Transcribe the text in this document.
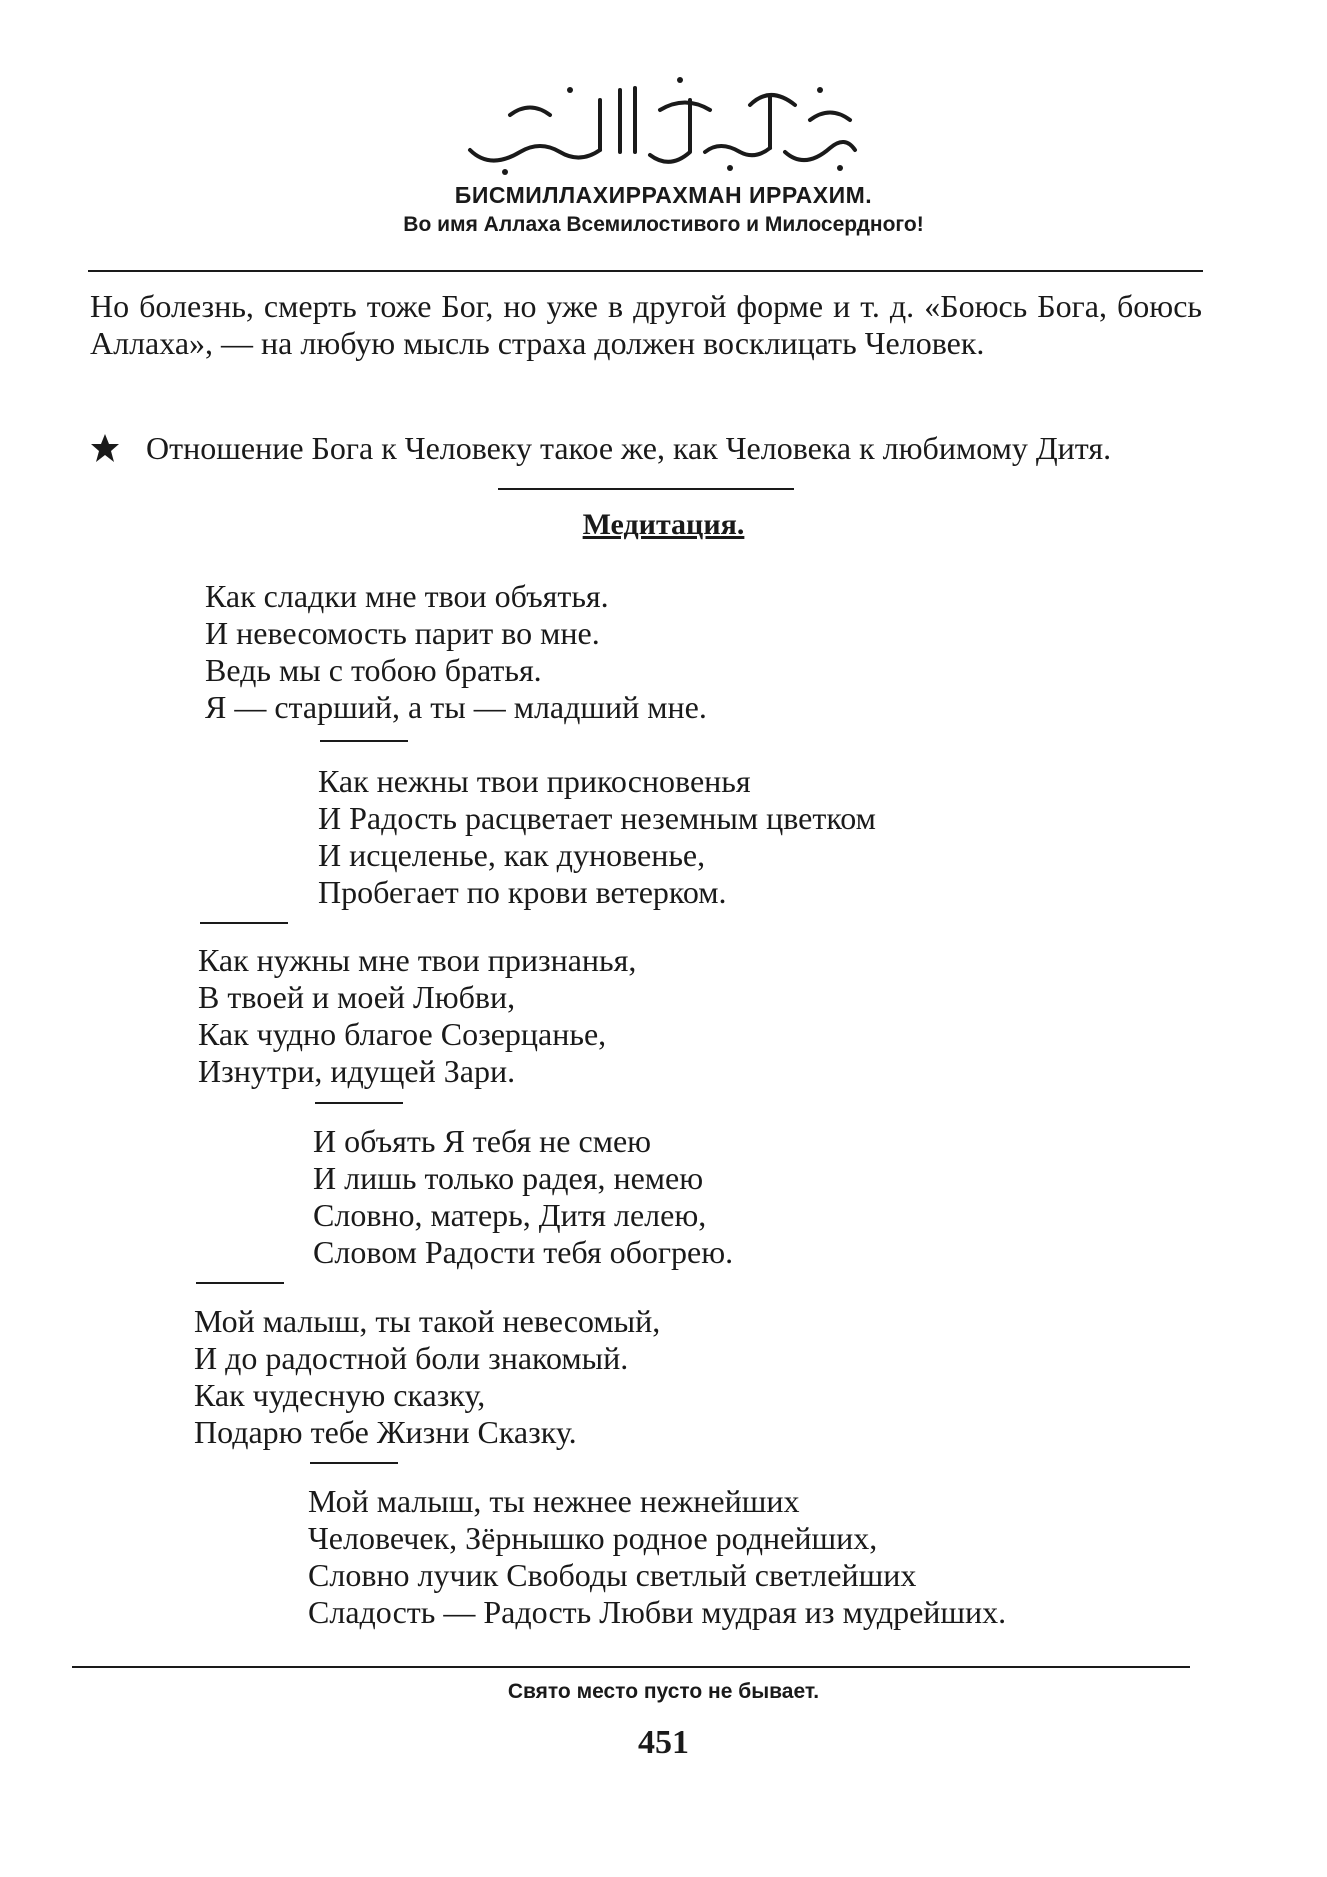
БИСМИЛЛАХИРРАХМАН ИРРАХИМ.
Во имя Аллаха Всемилостивого и Милосердного!
Но болезнь, смерть тоже Бог, но уже в другой форме и т. д. «Боюсь Бога, боюсь Аллаха», — на любую мысль страха должен восклицать Человек.
Отношение Бога к Человеку такое же, как Человека к любимому Дитя.
Медитация.
Как сладки мне твои объятья.
И невесомость парит во мне.
Ведь мы с тобою братья.
Я — старший, а ты — младший мне.
Как нежны твои прикосновенья
И Радость расцветает неземным цветком
И исцеленье, как дуновенье,
Пробегает по крови ветерком.
Как нужны мне твои признанья,
В твоей и моей Любви,
Как чудно благое Созерцанье,
Изнутри, идущей Зари.
И объять Я тебя не смею
И лишь только радея, немею
Словно, матерь, Дитя лелею,
Словом Радости тебя обогрею.
Мой малыш, ты такой невесомый,
И до радостной боли знакомый.
Как чудесную сказку,
Подарю тебе Жизни Сказку.
Мой малыш, ты нежнее нежнейших
Человечек, Зёрнышко родное роднейших,
Словно лучик Свободы светлый светлейших
Сладость — Радость Любви мудрая из мудрейших.
Свято место пусто не бывает.
451
